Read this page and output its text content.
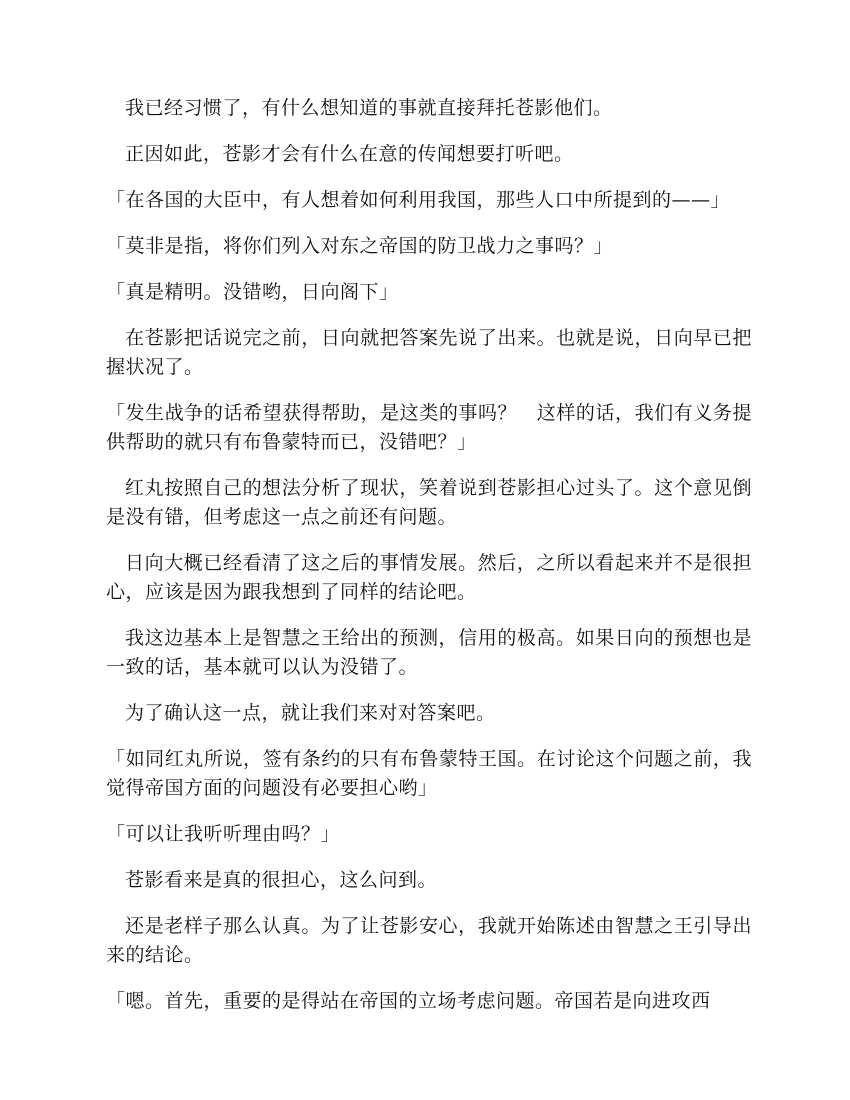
我已经习惯了，有什么想知道的事就直接拜托苍影他们。

正因如此，苍影才会有什么在意的传闻想要打听吧。

「在各国的大臣中，有人想着如何利用我国，那些人口中所提到的——」

「莫非是指，将你们列入对东之帝国的防卫战力之事吗？」

「真是精明。没错哟，日向阁下」

在苍影把话说完之前，日向就把答案先说了出来。也就是说，日向早已把握状况了。

「发生战争的话希望获得帮助，是这类的事吗？　这样的话，我们有义务提供帮助的就只有布鲁蒙特而已，没错吧？」

红丸按照自己的想法分析了现状，笑着说到苍影担心过头了。这个意见倒是没有错，但考虑这一点之前还有问题。

日向大概已经看清了这之后的事情发展。然后，之所以看起来并不是很担心，应该是因为跟我想到了同样的结论吧。

我这边基本上是智慧之王给出的预测，信用的极高。如果日向的预想也是一致的话，基本就可以认为没错了。

为了确认这一点，就让我们来对对答案吧。

「如同红丸所说，签有条约的只有布鲁蒙特王国。在讨论这个问题之前，我觉得帝国方面的问题没有必要担心哟」

「可以让我听听理由吗？」

苍影看来是真的很担心，这么问到。

还是老样子那么认真。为了让苍影安心，我就开始陈述由智慧之王引导出来的结论。

「嗯。首先，重要的是得站在帝国的立场考虑问题。帝国若是向进攻西
